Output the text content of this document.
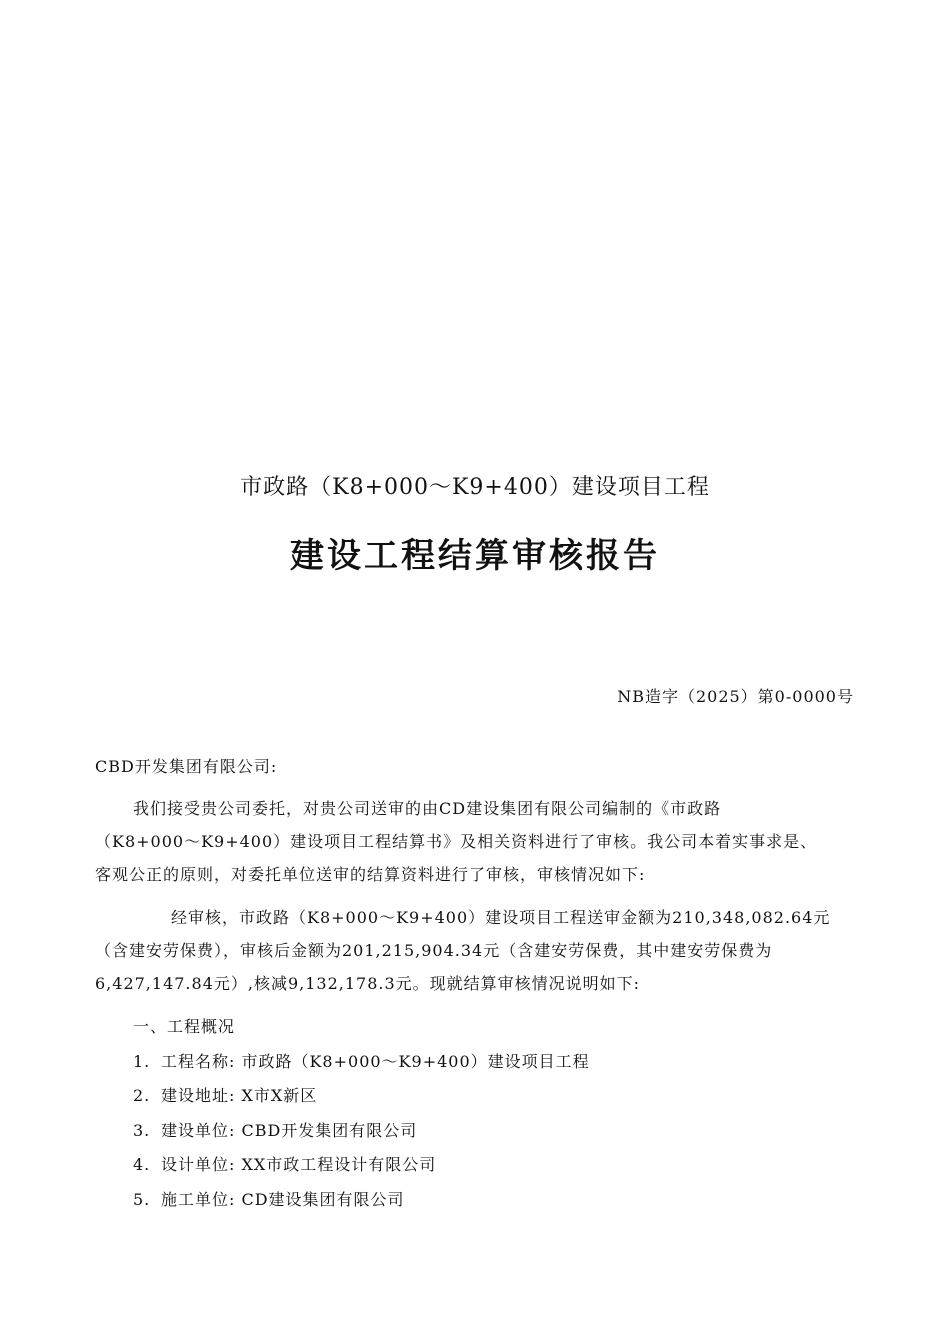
市政路（K8+000～K9+400）建设项目工程
建设工程结算审核报告
NB造字（2025）第0-0000号
CBD开发集团有限公司:
我们接受贵公司委托，对贵公司送审的由CD建设集团有限公司编制的《市政路
（K8+000～K9+400）建设项目工程结算书》及相关资料进行了审核。我公司本着实事求是、
客观公正的原则，对委托单位送审的结算资料进行了审核，审核情况如下:
经审核，市政路（K8+000～K9+400）建设项目工程送审金额为210,348,082.64元
（含建安劳保费），审核后金额为201,215,904.34元（含建安劳保费，其中建安劳保费为
6,427,147.84元）,核减9,132,178.3元。现就结算审核情况说明如下:
一、工程概况
1. 工程名称: 市政路（K8+000～K9+400）建设项目工程
2. 建设地址: X市X新区
3. 建设单位: CBD开发集团有限公司
4. 设计单位: XX市政工程设计有限公司
5. 施工单位: CD建设集团有限公司
